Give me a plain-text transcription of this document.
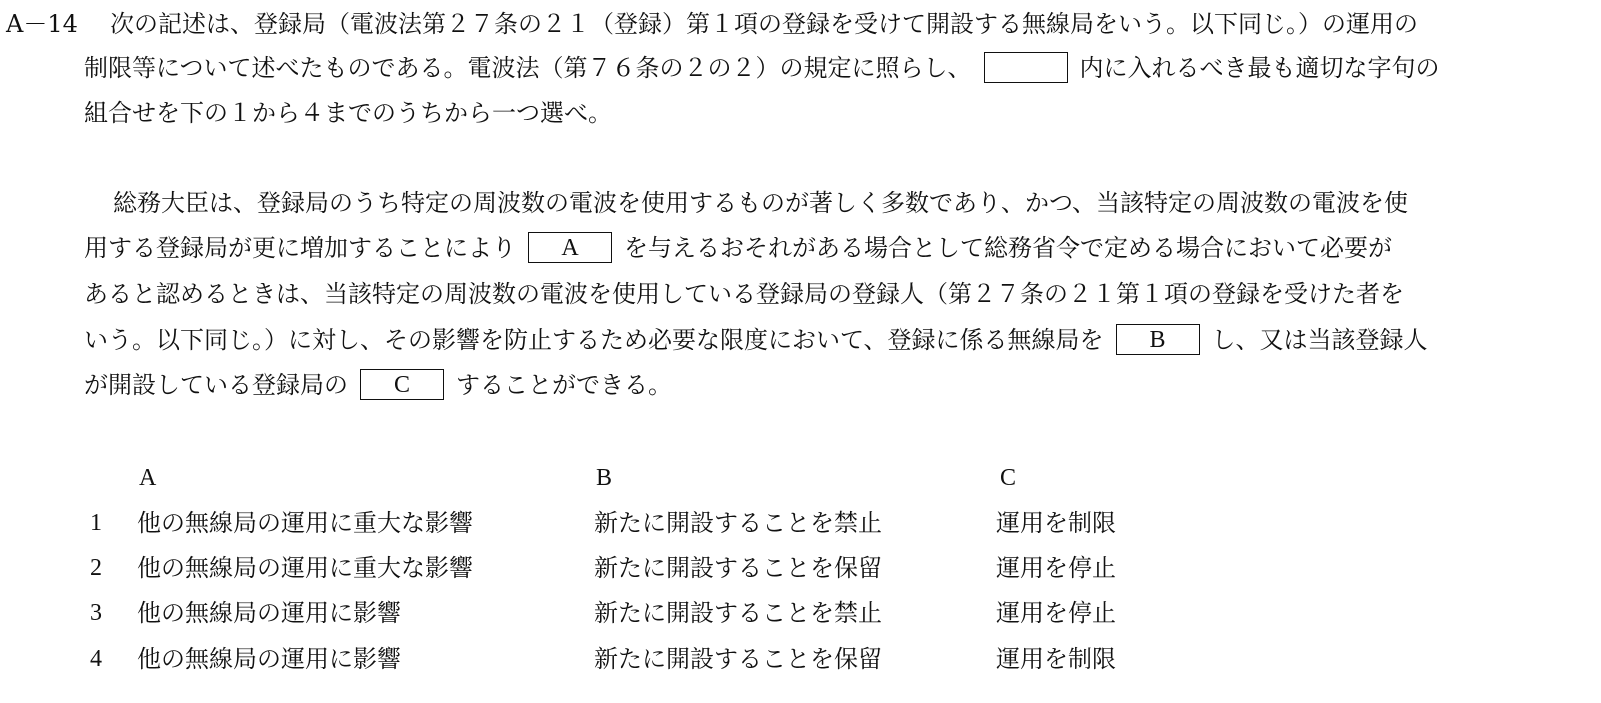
A－14 次の記述は、登録局（電波法第２７条の２１（登録）第１項の登録を受けて開設する無線局をいう。以下同じ。）の運用の
制限等について述べたものである。電波法（第７６条の２の２）の規定に照らし、	内に入れるべき最も適切な字句の
組合せを下の１から４までのうちから一つ選べ。
総務大臣は、登録局のうち特定の周波数の電波を使用するものが著しく多数であり、かつ、当該特定の周波数の電波を使
用する登録局が更に増加することにより A を与えるおそれがある場合として総務省令で定める場合において必要が
あると認めるときは、当該特定の周波数の電波を使用している登録局の登録人（第２７条の２１第１項の登録を受けた者を
いう。以下同じ。）に対し、その影響を防止するため必要な限度において、登録に係る無線局を B し、又は当該登録人
が開設している登録局の C することができる。
A	B	C
1 他の無線局の運用に重大な影響	新たに開設することを禁止	運用を制限
2 他の無線局の運用に重大な影響	新たに開設することを保留	運用を停止
3 他の無線局の運用に影響	新たに開設することを禁止	運用を停止
4 他の無線局の運用に影響	新たに開設することを保留	運用を制限
